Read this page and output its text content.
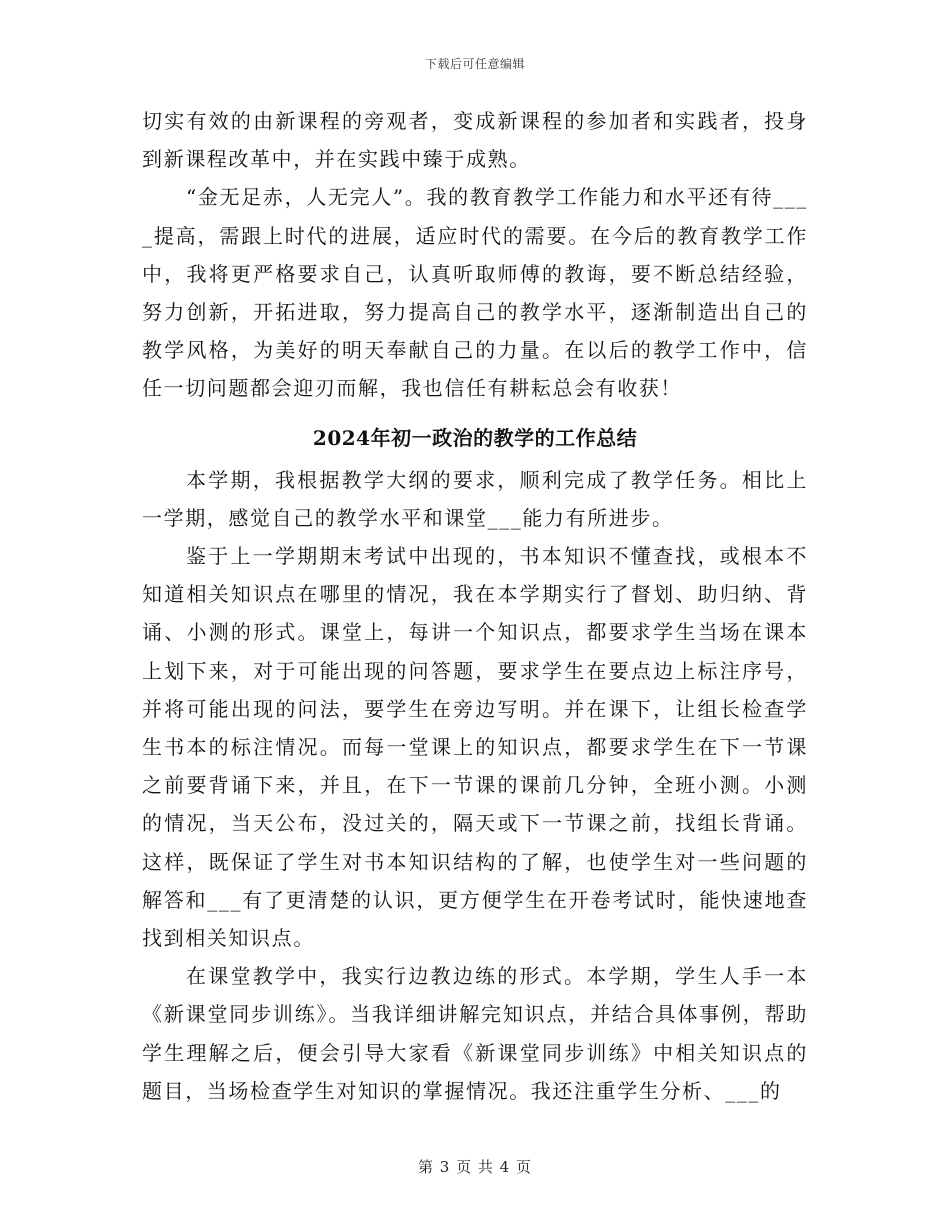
下载后可任意编辑

切实有效的由新课程的旁观者，变成新课程的参加者和实践者，投身到新课程改革中，并在实践中臻于成熟。

“金无足赤，人无完人”。我的教育教学工作能力和水平还有待____提高，需跟上时代的进展，适应时代的需要。在今后的教育教学工作中，我将更严格要求自己，认真听取师傅的教诲，要不断总结经验，努力创新，开拓进取，努力提高自己的教学水平，逐渐制造出自己的教学风格，为美好的明天奉献自己的力量。在以后的教学工作中，信任一切问题都会迎刃而解，我也信任有耕耘总会有收获！

2024年初一政治的教学的工作总结

本学期，我根据教学大纲的要求，顺利完成了教学任务。相比上一学期，感觉自己的教学水平和课堂___能力有所进步。

鉴于上一学期期末考试中出现的，书本知识不懂查找，或根本不知道相关知识点在哪里的情况，我在本学期实行了督划、助归纳、背诵、小测的形式。课堂上，每讲一个知识点，都要求学生当场在课本上划下来，对于可能出现的问答题，要求学生在要点边上标注序号，并将可能出现的问法，要学生在旁边写明。并在课下，让组长检查学生书本的标注情况。而每一堂课上的知识点，都要求学生在下一节课之前要背诵下来，并且，在下一节课的课前几分钟，全班小测。小测的情况，当天公布，没过关的，隔天或下一节课之前，找组长背诵。这样，既保证了学生对书本知识结构的了解，也使学生对一些问题的解答和___有了更清楚的认识，更方便学生在开卷考试时，能快速地查找到相关知识点。

在课堂教学中，我实行边教边练的形式。本学期，学生人手一本《新课堂同步训练》。当我详细讲解完知识点，并结合具体事例，帮助学生理解之后，便会引导大家看《新课堂同步训练》中相关知识点的题目，当场检查学生对知识的掌握情况。我还注重学生分析、___的

第 3 页 共 4 页
